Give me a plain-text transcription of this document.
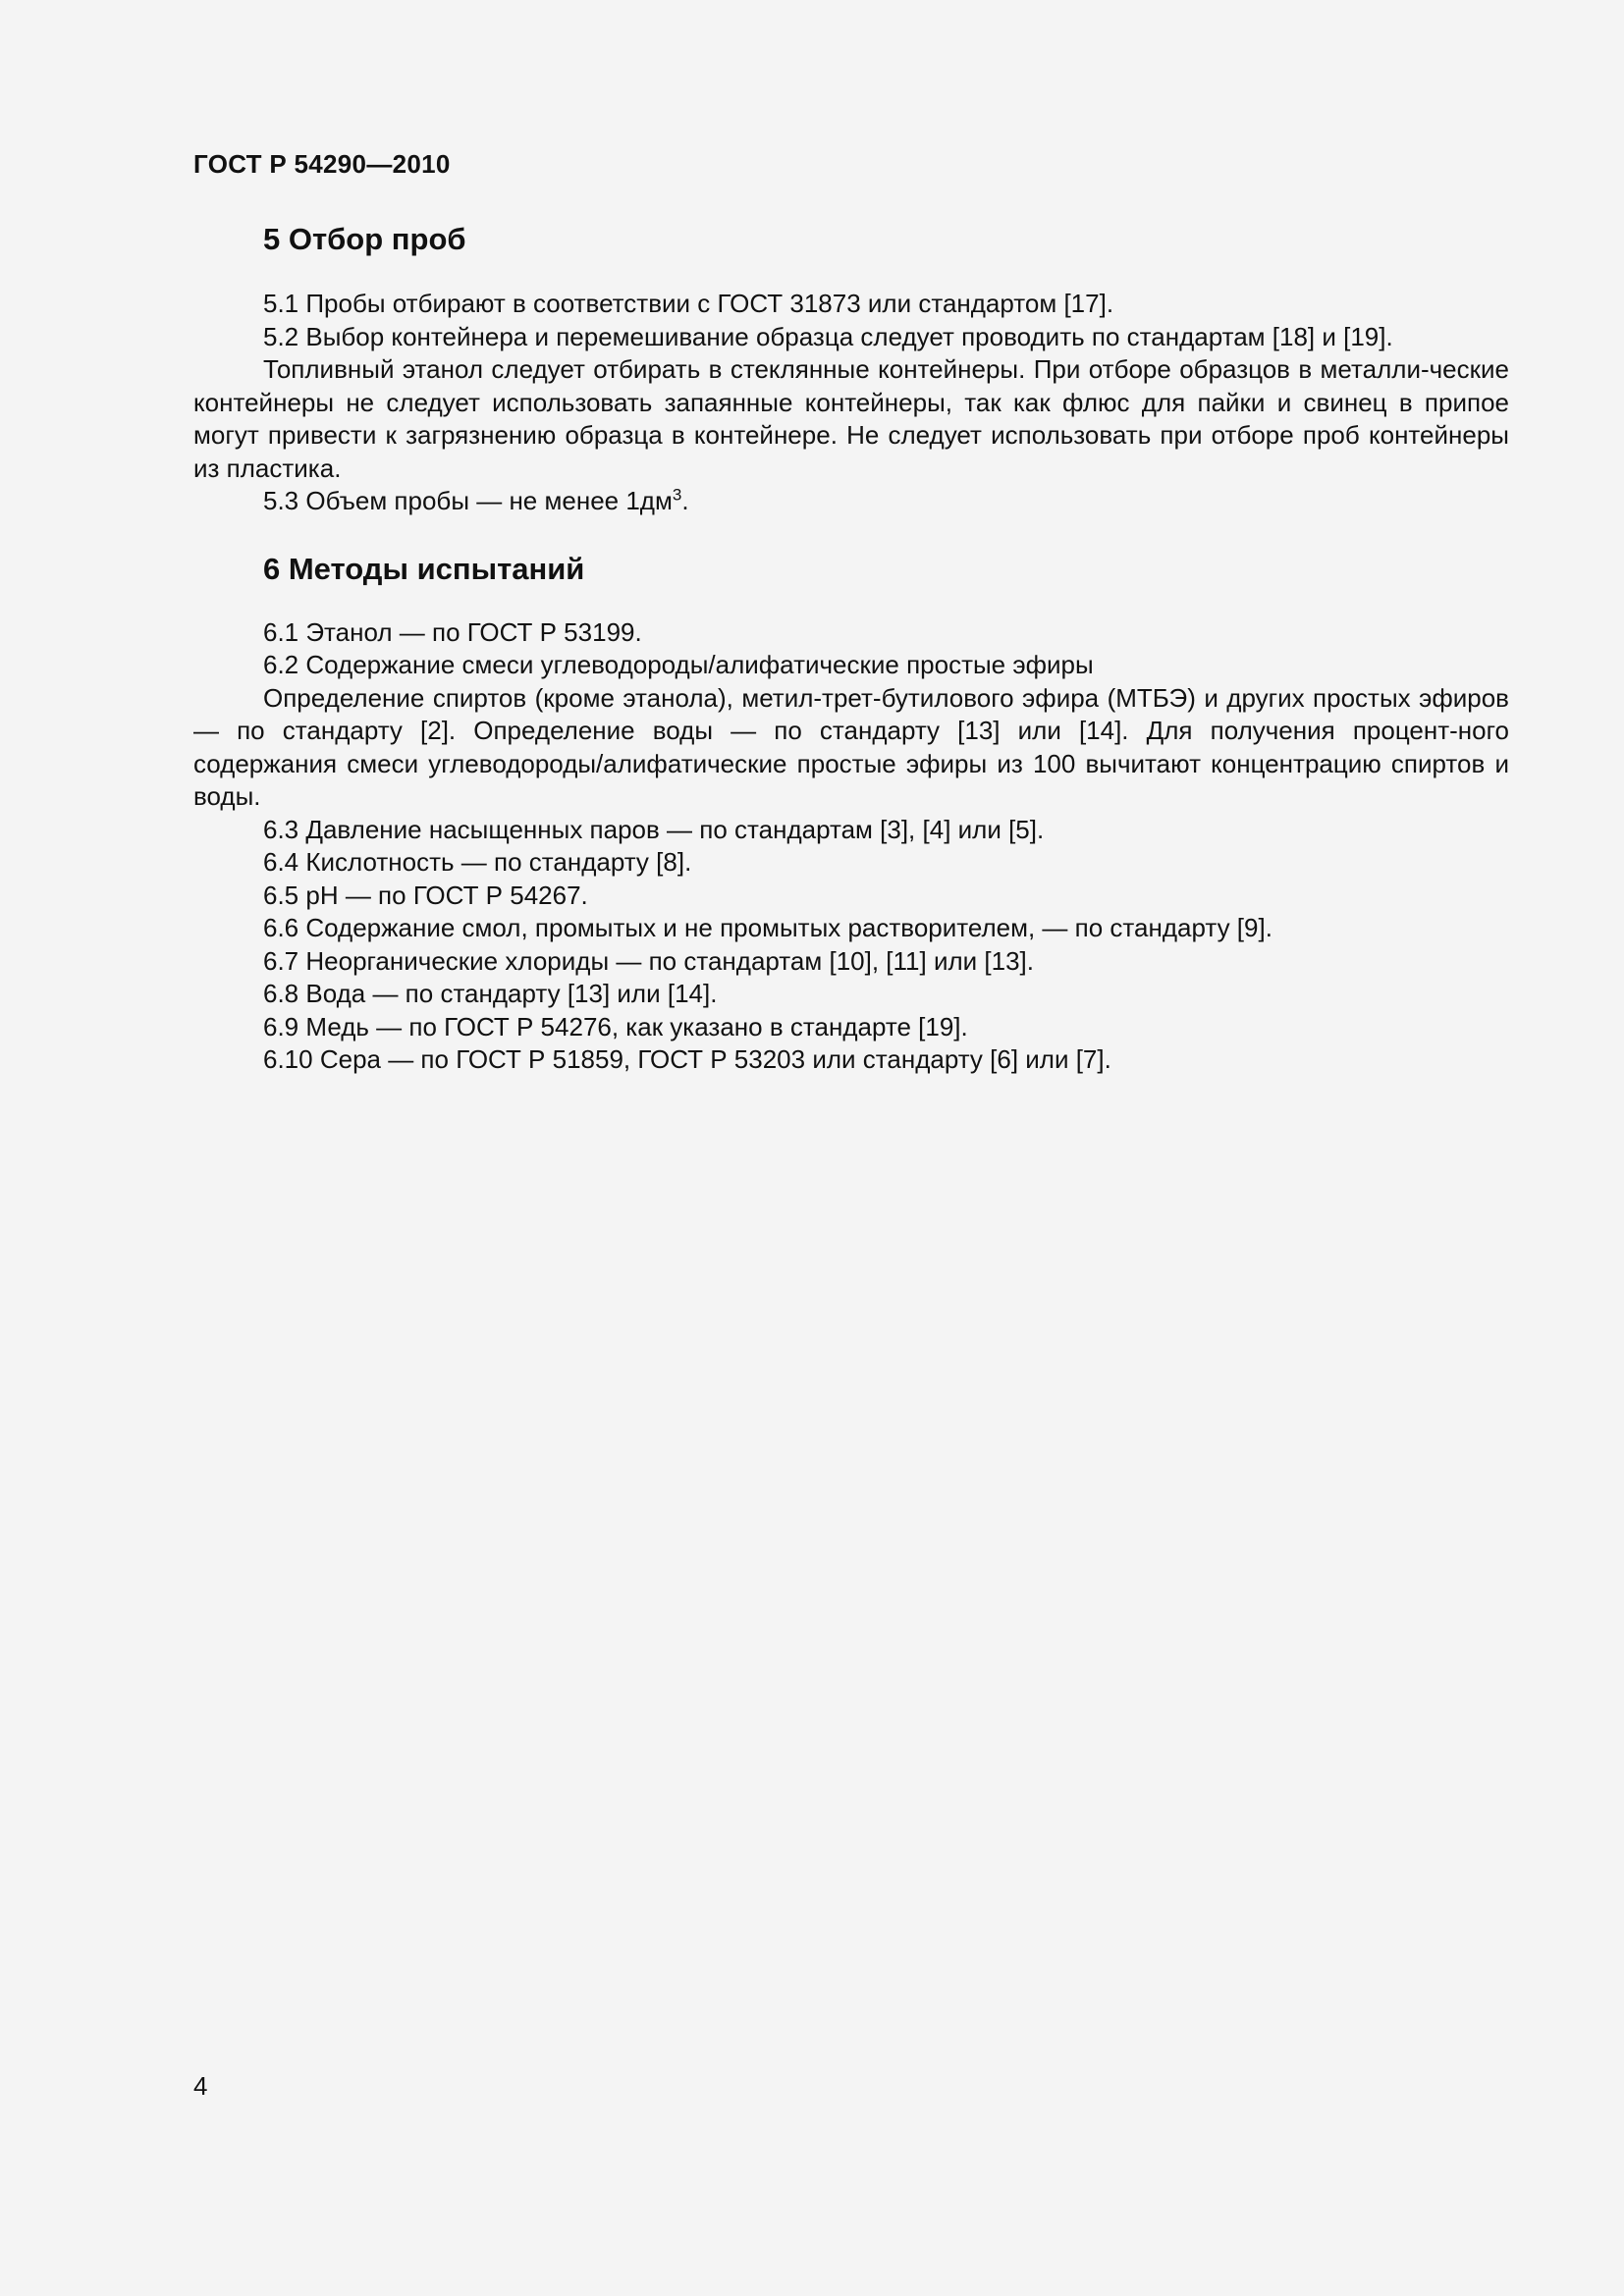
ГОСТ Р 54290—2010
5 Отбор проб

5.1 Пробы отбирают в соответствии с ГОСТ 31873 или стандартом [17].

5.2 Выбор контейнера и перемешивание образца следует проводить по стандартам [18] и [19].

Топливный этанол следует отбирать в стеклянные контейнеры. При отборе образцов в металли-ческие контейнеры не следует использовать запаянные контейнеры, так как флюс для пайки и свинец в припое могут привести к загрязнению образца в контейнере. Не следует использовать при отборе проб контейнеры из пластика.

5.3 Объем пробы — не менее $1дм^3$.

6 Методы испытаний

6.1 Этанол — по ГОСТ Р 53199.

6.2 Содержание смеси углеводороды/алифатические простые эфиры

Определение спиртов (кроме этанола), метил-трет-бутилового эфира (МТБЭ) и других простых эфиров — по стандарту [2]. Определение воды — по стандарту [13] или [14]. Для получения процент-ного содержания смеси углеводороды/алифатические простые эфиры из 100 вычитают концентрацию спиртов и воды.

6.3 Давление насыщенных паров — по стандартам [3], [4] или [5].

6.4 Кислотность — по стандарту [8].

6.5 pH — по ГОСТ Р 54267.

6.6 Содержание смол, промытых и не промытых растворителем, — по стандарту [9].

6.7 Неорганические хлориды — по стандартам [10], [11] или [13].

6.8 Вода — по стандарту [13] или [14].

6.9 Медь — по ГОСТ Р 54276, как указано в стандарте [19].

6.10 Сера — по ГОСТ Р 51859, ГОСТ Р 53203 или стандарту [6] или [7].

4
